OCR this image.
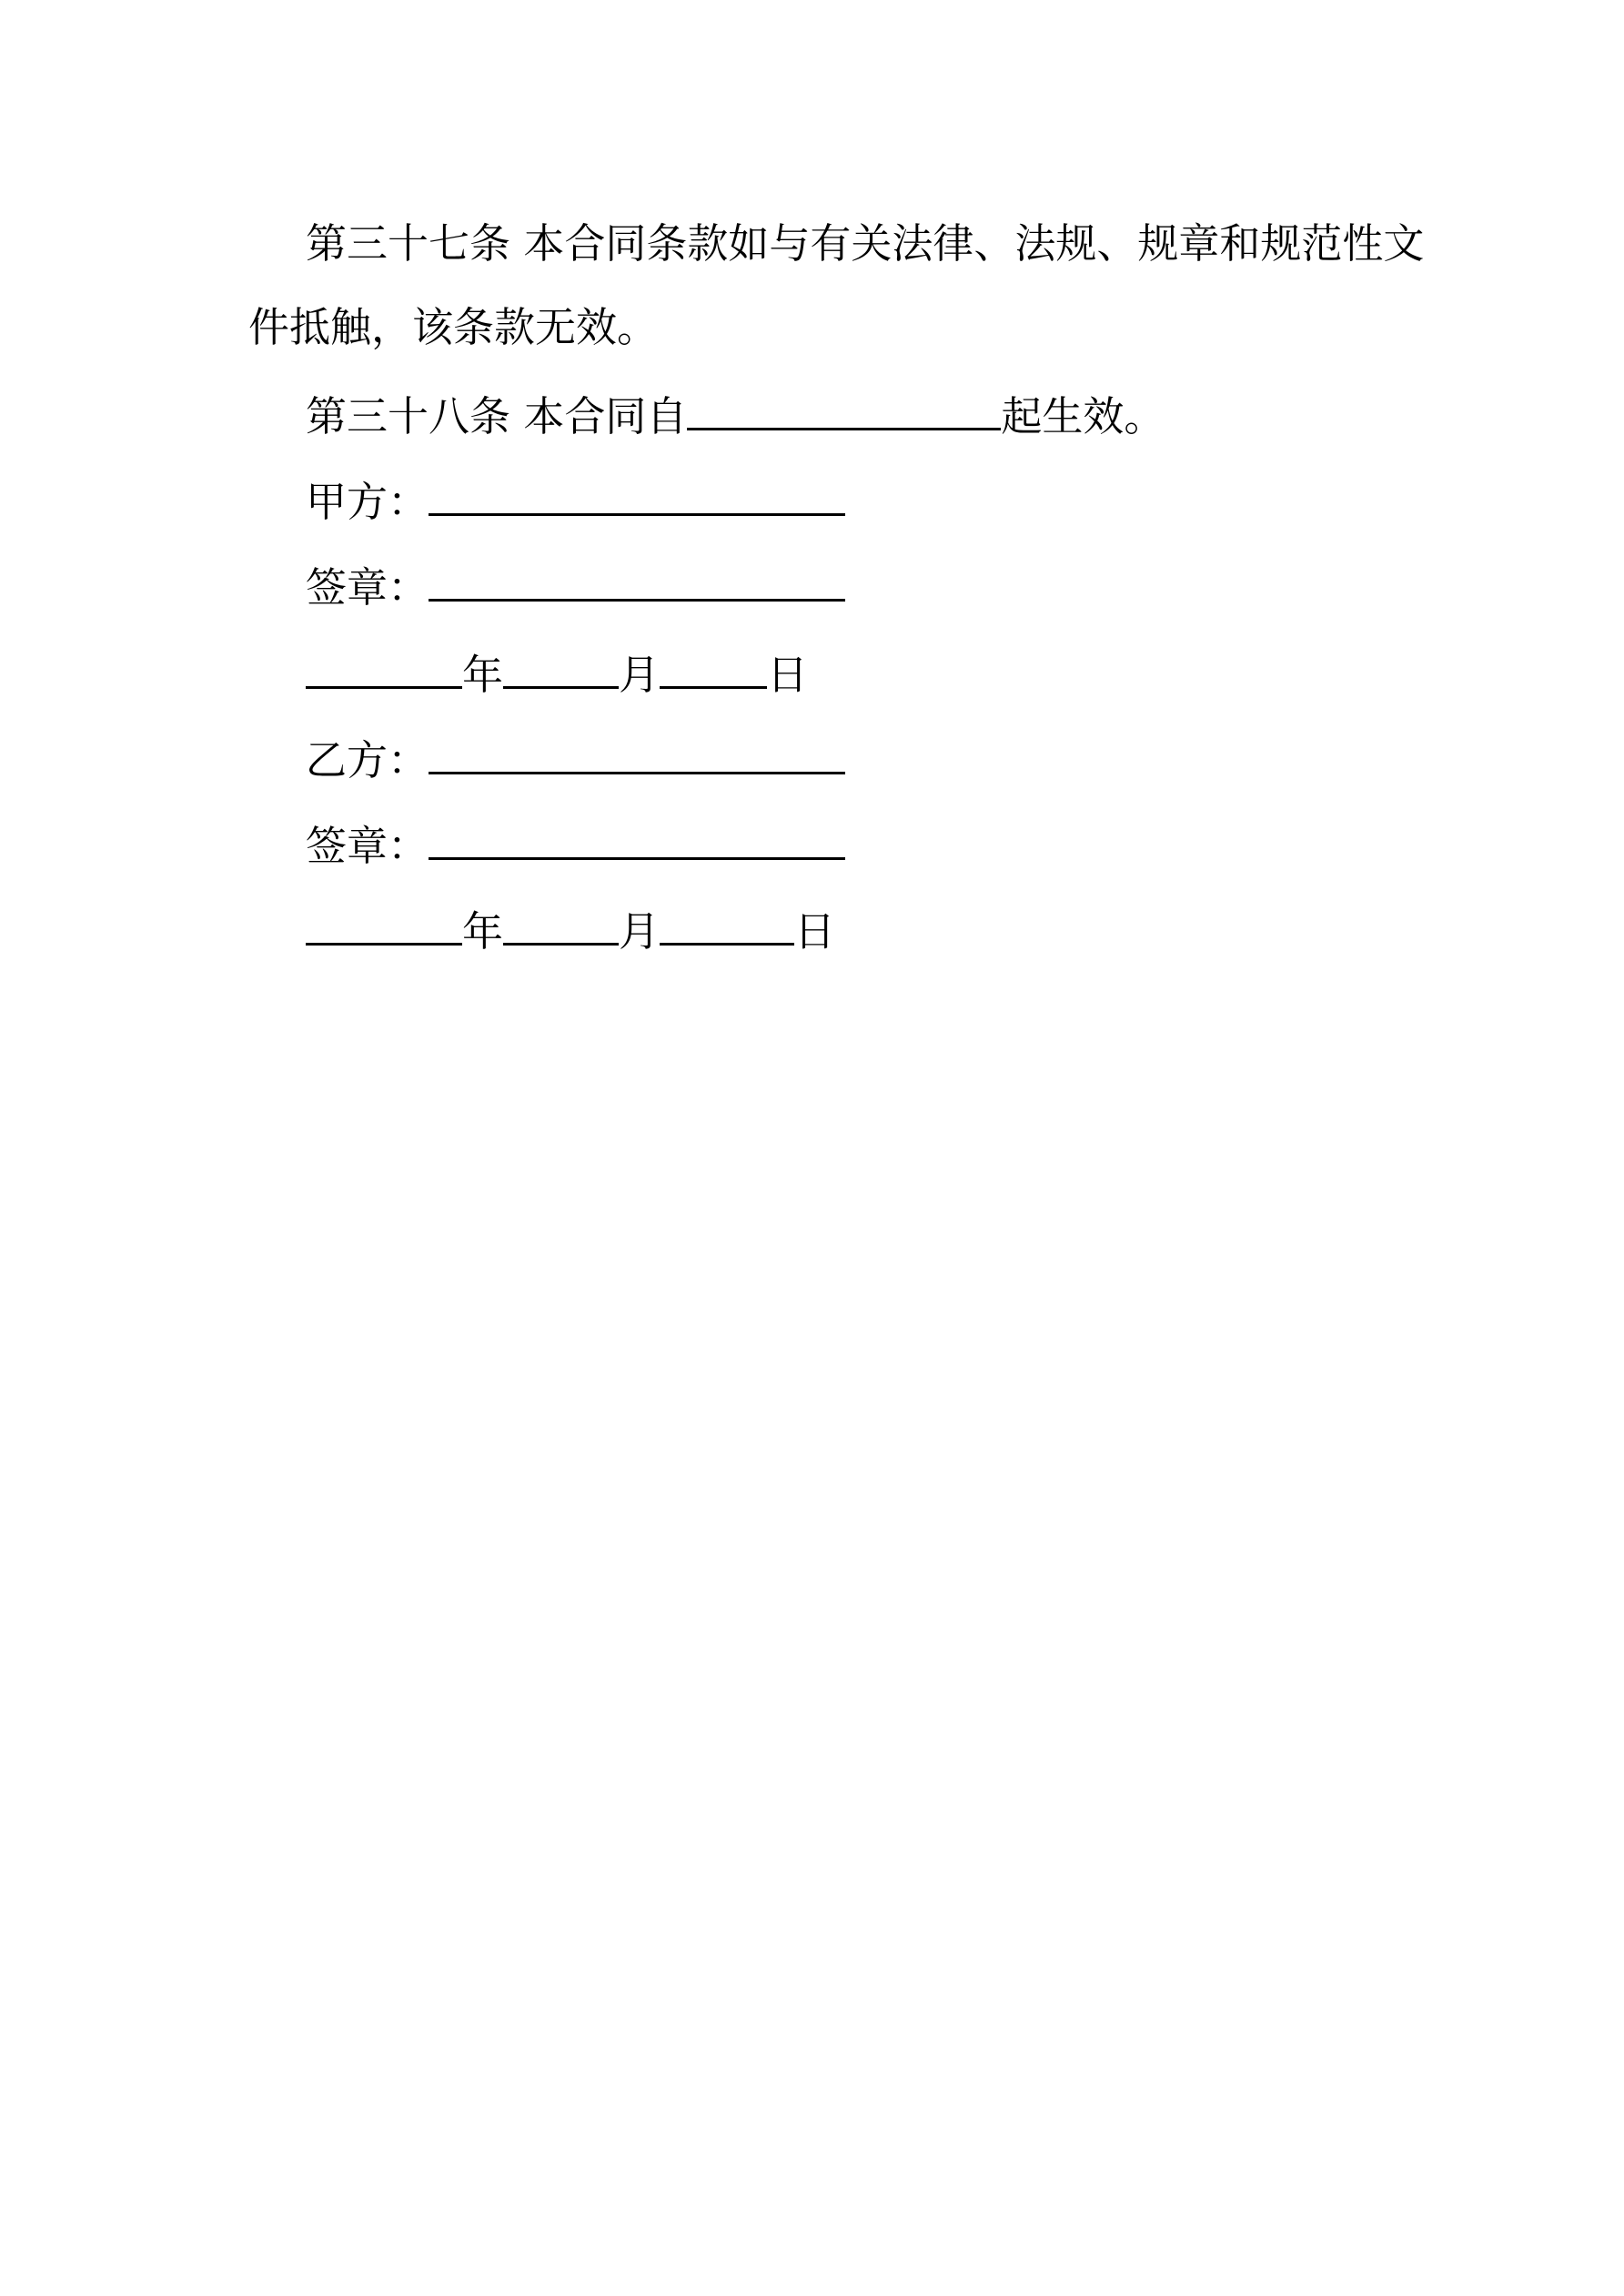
第三十七条 本合同条款如与有关法律、法规、规章和规范性文
件抵触，该条款无效。
第三十八条 本合同自	起生效。
甲方：
签章：
年	月	日
乙方：
签章：
年	月	日
